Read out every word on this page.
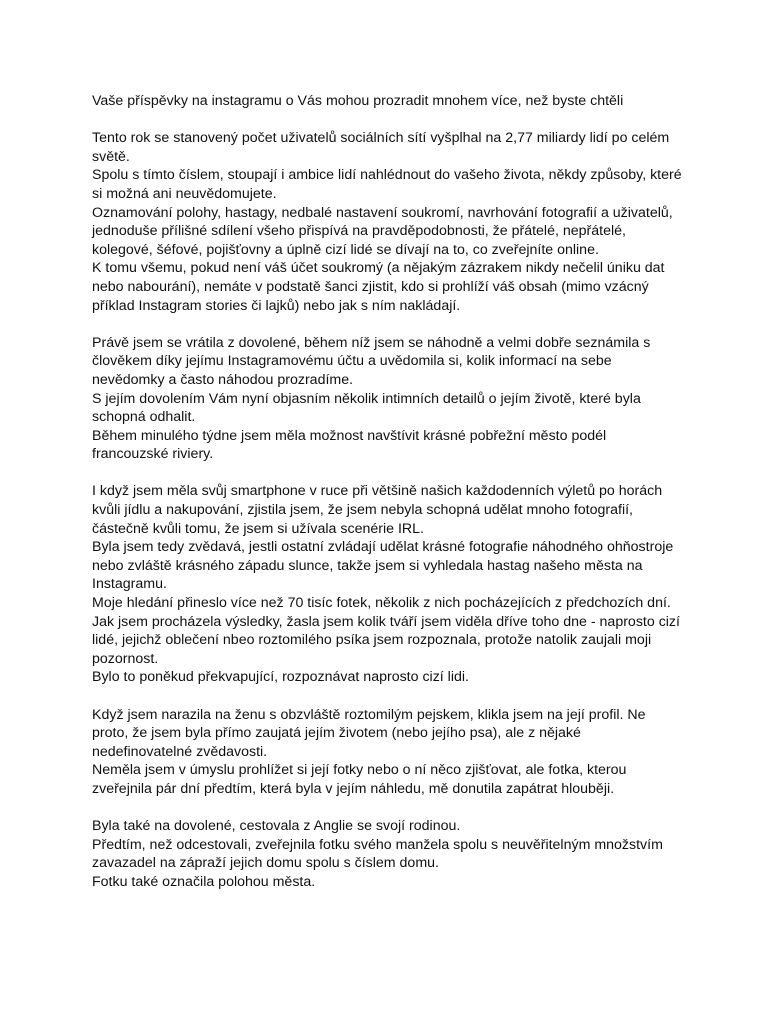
Vaše příspěvky na instagramu o Vás mohou prozradit mnohem více, než byste chtěli

Tento rok se stanovený počet uživatelů sociálních sítí vyšplhal na 2,77 miliardy lidí po celém světě.

Spolu s tímto číslem, stoupají i ambice lidí nahlédnout do vašeho života, někdy způsoby, které si možná ani neuvědomujete.

Oznamování polohy, hastagy, nedbalé nastavení soukromí, navrhování fotografií a uživatelů, jednoduše přílišné sdílení všeho přispívá na pravděpodobnosti, že přátelé, nepřátelé, kolegové, šéfové, pojišťovny a úplně cizí lidé se dívají na to, co zveřejníte online.

K tomu všemu, pokud není váš účet soukromý (a nějakým zázrakem nikdy nečelil úniku dat nebo nabourání), nemáte v podstatě šanci zjistit, kdo si prohlíží váš obsah (mimo vzácný příklad Instagram stories či lajků) nebo jak s ním nakládají.

Právě jsem se vrátila z dovolené, během níž jsem se náhodně a velmi dobře seznámila s člověkem díky jejímu Instagramovému účtu a uvědomila si, kolik informací na sebe nevědomky a často náhodou prozradíme.

S jejím dovolením Vám nyní objasním několik intimních detailů o jejím životě, které byla schopná odhalit.

Během minulého týdne jsem měla možnost navštívit krásné pobřežní město podél francouzské riviery.

I když jsem měla svůj smartphone v ruce při většině našich každodenních výletů po horách kvůli jídlu a nakupování, zjistila jsem, že jsem nebyla schopná udělat mnoho fotografií, částečně kvůli tomu, že jsem si užívala scenérie IRL.

Byla jsem tedy zvědavá, jestli ostatní zvládají udělat krásné fotografie náhodného ohňostroje nebo zvláště krásného západu slunce, takže jsem si vyhledala hastag našeho města na Instagramu.

Moje hledání přineslo více než 70 tisíc fotek, několik z nich pocházejících z předchozích dní.

Jak jsem procházela výsledky, žasla jsem kolik tváří jsem viděla dříve toho dne - naprosto cizí lidé, jejichž oblečení nbeo roztomilého psíka jsem rozpoznala, protože natolik zaujali moji pozornost.

Bylo to poněkud překvapující, rozpoznávat naprosto cizí lidi.

Když jsem narazila na ženu s obzvláště roztomilým pejskem, klikla jsem na její profil. Ne proto, že jsem byla přímo zaujatá jejím životem (nebo jejího psa), ale z nějaké nedefinovatelné zvědavosti.

Neměla jsem v úmyslu prohlížet si její fotky nebo o ní něco zjišťovat, ale fotka, kterou zveřejnila pár dní předtím, která byla v jejím náhledu, mě donutila zapátrat hlouběji.

Byla také na dovolené, cestovala z Anglie se svojí rodinou.

Předtím, než odcestovali, zveřejnila fotku svého manžela spolu s neuvěřitelným množstvím zavazadel na zápraží jejich domu spolu s číslem domu.

Fotku také označila polohou města.
